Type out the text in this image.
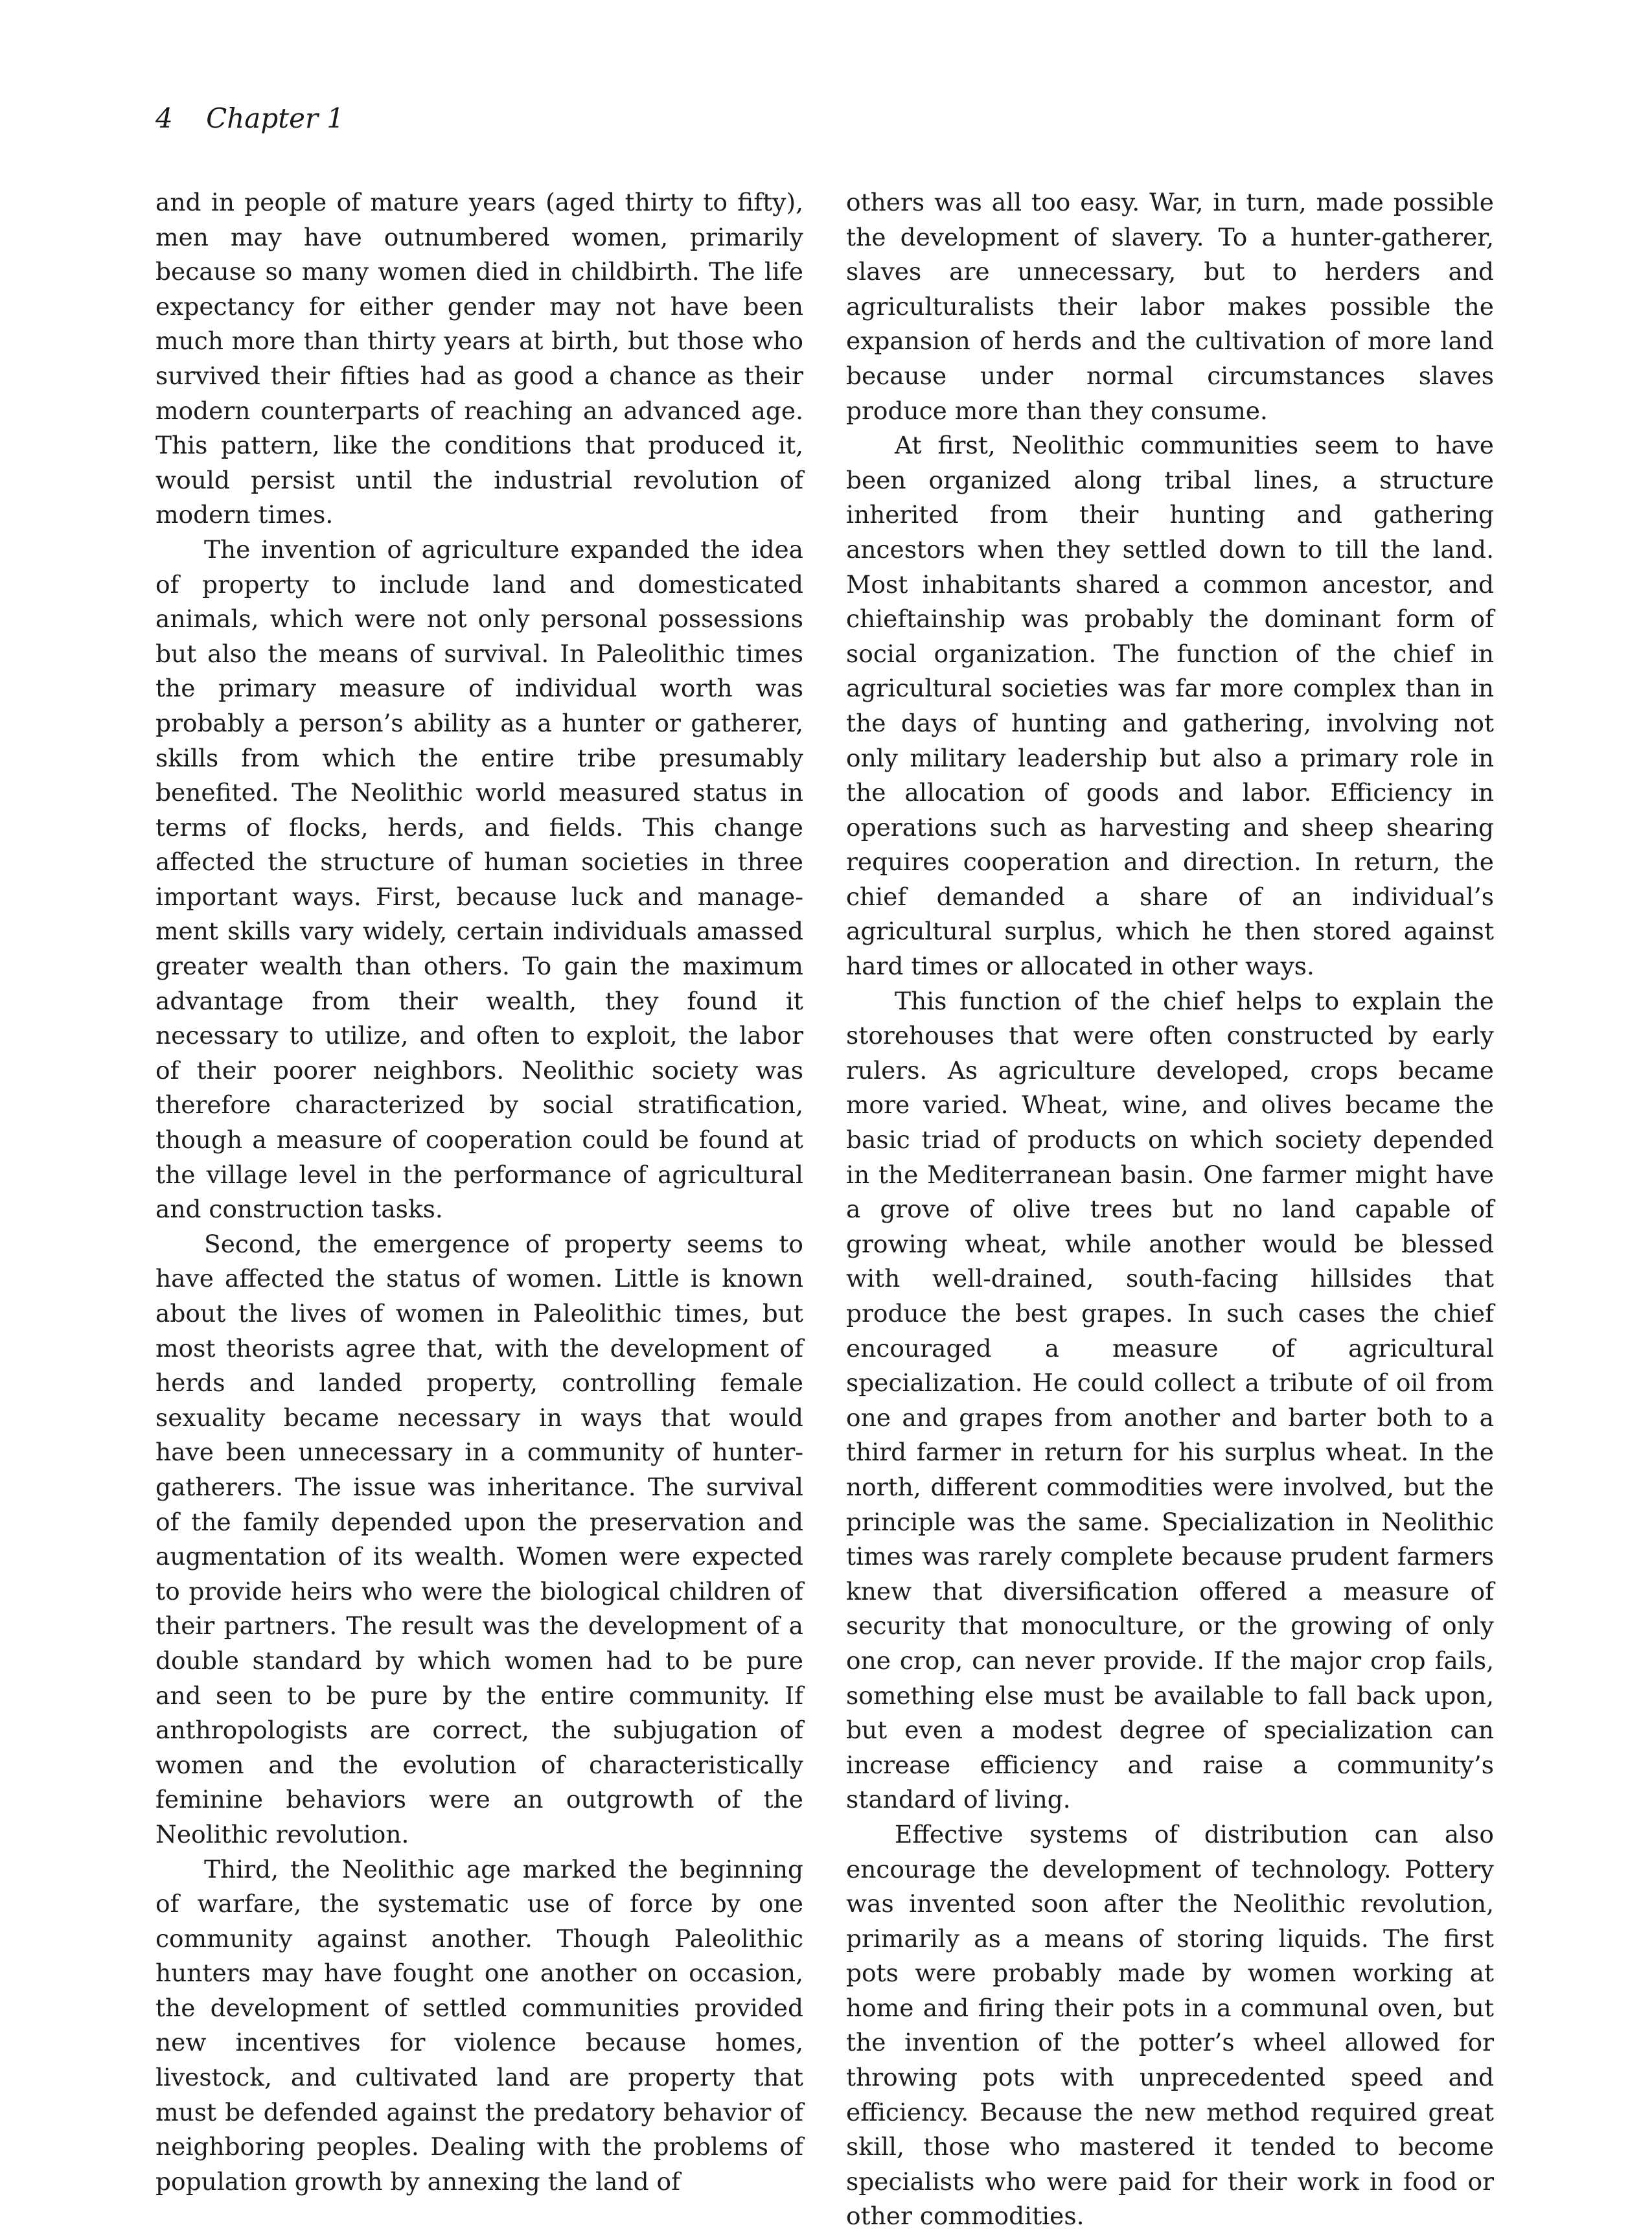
4 Chapter 1

and in people of mature years (aged thirty to fifty), men may have outnumbered women, primarily because so many women died in childbirth. The life expectancy for either gender may not have been much more than thirty years at birth, but those who survived their fifties had as good a chance as their modern counterparts of reaching an advanced age. This pattern, like the conditions that produced it, would persist until the industrial revolution of modern times.

The invention of agriculture expanded the idea of property to include land and domesticated animals, which were not only personal possessions but also the means of survival. In Paleolithic times the primary measure of individual worth was probably a person’s ability as a hunter or gatherer, skills from which the entire tribe presumably benefited. The Neolithic world measured status in terms of flocks, herds, and fields. This change affected the structure of human societies in three important ways. First, because luck and management skills vary widely, certain individuals amassed greater wealth than others. To gain the maximum advantage from their wealth, they found it necessary to utilize, and often to exploit, the labor of their poorer neighbors. Neolithic society was therefore characterized by social stratification, though a measure of cooperation could be found at the village level in the performance of agricultural and construction tasks.

Second, the emergence of property seems to have affected the status of women. Little is known about the lives of women in Paleolithic times, but most theorists agree that, with the development of herds and landed property, controlling female sexuality became necessary in ways that would have been unnecessary in a community of hunter-gatherers. The issue was inheritance. The survival of the family depended upon the preservation and augmentation of its wealth. Women were expected to provide heirs who were the biological children of their partners. The result was the development of a double standard by which women had to be pure and seen to be pure by the entire community. If anthropologists are correct, the subjugation of women and the evolution of characteristically feminine behaviors were an outgrowth of the Neolithic revolution.

Third, the Neolithic age marked the beginning of warfare, the systematic use of force by one community against another. Though Paleolithic hunters may have fought one another on occasion, the development of settled communities provided new incentives for violence because homes, livestock, and cultivated land are property that must be defended against the predatory behavior of neighboring peoples. Dealing with the problems of population growth by annexing the land of

others was all too easy. War, in turn, made possible the development of slavery. To a hunter-gatherer, slaves are unnecessary, but to herders and agriculturalists their labor makes possible the expansion of herds and the cultivation of more land because under normal circumstances slaves produce more than they consume.

At first, Neolithic communities seem to have been organized along tribal lines, a structure inherited from their hunting and gathering ancestors when they settled down to till the land. Most inhabitants shared a common ancestor, and chieftainship was probably the dominant form of social organization. The function of the chief in agricultural societies was far more complex than in the days of hunting and gathering, involving not only military leadership but also a primary role in the allocation of goods and labor. Efficiency in operations such as harvesting and sheep shearing requires cooperation and direction. In return, the chief demanded a share of an individual’s agricultural surplus, which he then stored against hard times or allocated in other ways.

This function of the chief helps to explain the storehouses that were often constructed by early rulers. As agriculture developed, crops became more varied. Wheat, wine, and olives became the basic triad of products on which society depended in the Mediterranean basin. One farmer might have a grove of olive trees but no land capable of growing wheat, while another would be blessed with well-drained, south-facing hillsides that produce the best grapes. In such cases the chief encouraged a measure of agricultural specialization. He could collect a tribute of oil from one and grapes from another and barter both to a third farmer in return for his surplus wheat. In the north, different commodities were involved, but the principle was the same. Specialization in Neolithic times was rarely complete because prudent farmers knew that diversification offered a measure of security that monoculture, or the growing of only one crop, can never provide. If the major crop fails, something else must be available to fall back upon, but even a modest degree of specialization can increase efficiency and raise a community’s standard of living.

Effective systems of distribution can also encourage the development of technology. Pottery was invented soon after the Neolithic revolution, primarily as a means of storing liquids. The first pots were probably made by women working at home and firing their pots in a communal oven, but the invention of the potter’s wheel allowed for throwing pots with unprecedented speed and efficiency. Because the new method required great skill, those who mastered it tended to become specialists who were paid for their work in food or other commodities.
